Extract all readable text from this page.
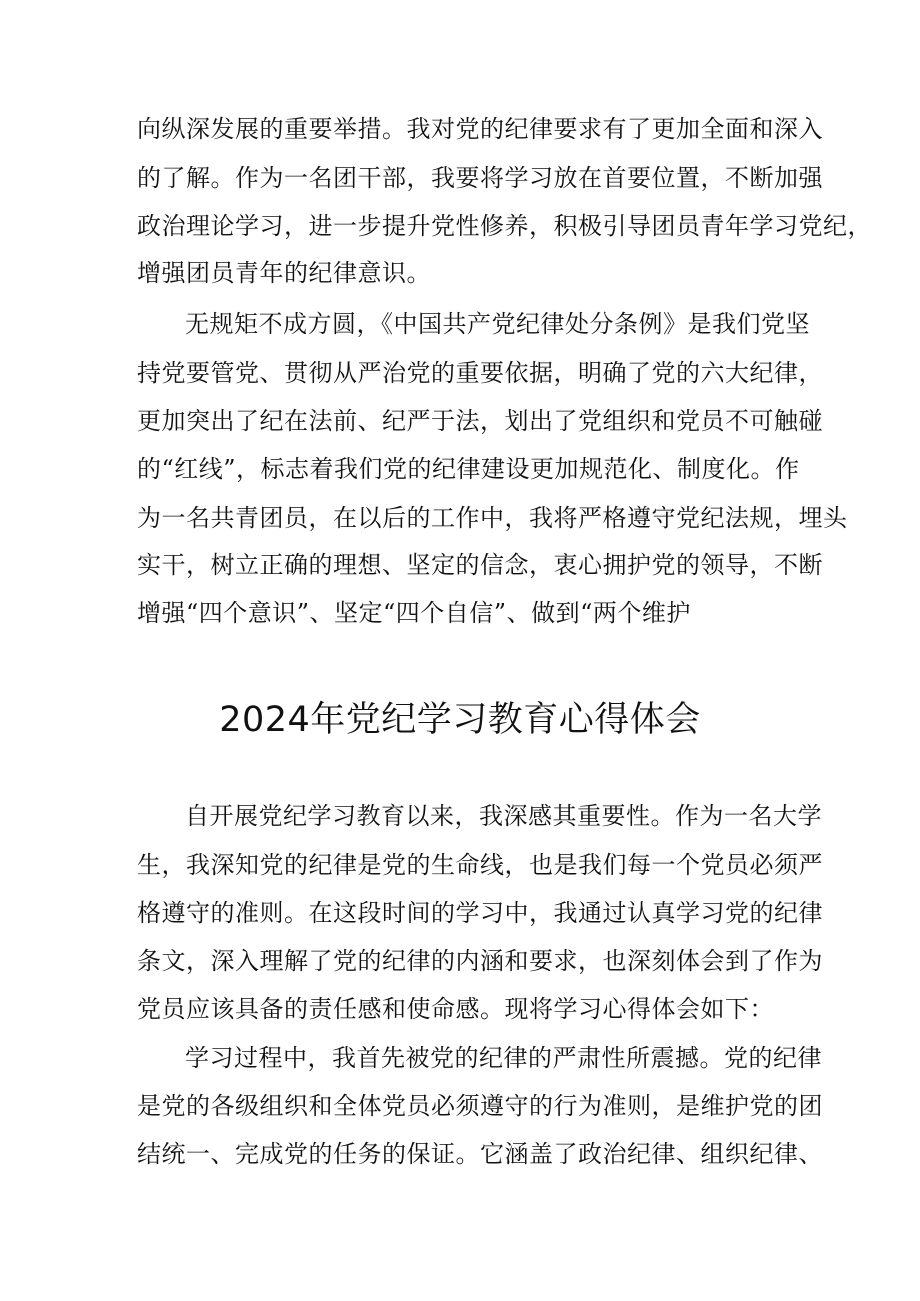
向纵深发展的重要举措。我对党的纪律要求有了更加全面和深入
的了解。作为一名团干部，我要将学习放在首要位置，不断加强
政治理论学习，进一步提升党性修养，积极引导团员青年学习党纪，
增强团员青年的纪律意识。
无规矩不成方圆，《中国共产党纪律处分条例》是我们党坚
持党要管党、贯彻从严治党的重要依据，明确了党的六大纪律，
更加突出了纪在法前、纪严于法，划出了党组织和党员不可触碰
的“红线”，标志着我们党的纪律建设更加规范化、制度化。作
为一名共青团员，在以后的工作中，我将严格遵守党纪法规，埋头
实干，树立正确的理想、坚定的信念，衷心拥护党的领导，不断
增强“四个意识”、坚定“四个自信”、做到“两个维护
2024年党纪学习教育心得体会
自开展党纪学习教育以来，我深感其重要性。作为一名大学
生，我深知党的纪律是党的生命线，也是我们每一个党员必须严
格遵守的准则。在这段时间的学习中，我通过认真学习党的纪律
条文，深入理解了党的纪律的内涵和要求，也深刻体会到了作为
党员应该具备的责任感和使命感。现将学习心得体会如下：
学习过程中，我首先被党的纪律的严肃性所震撼。党的纪律
是党的各级组织和全体党员必须遵守的行为准则，是维护党的团
结统一、完成党的任务的保证。它涵盖了政治纪律、组织纪律、
